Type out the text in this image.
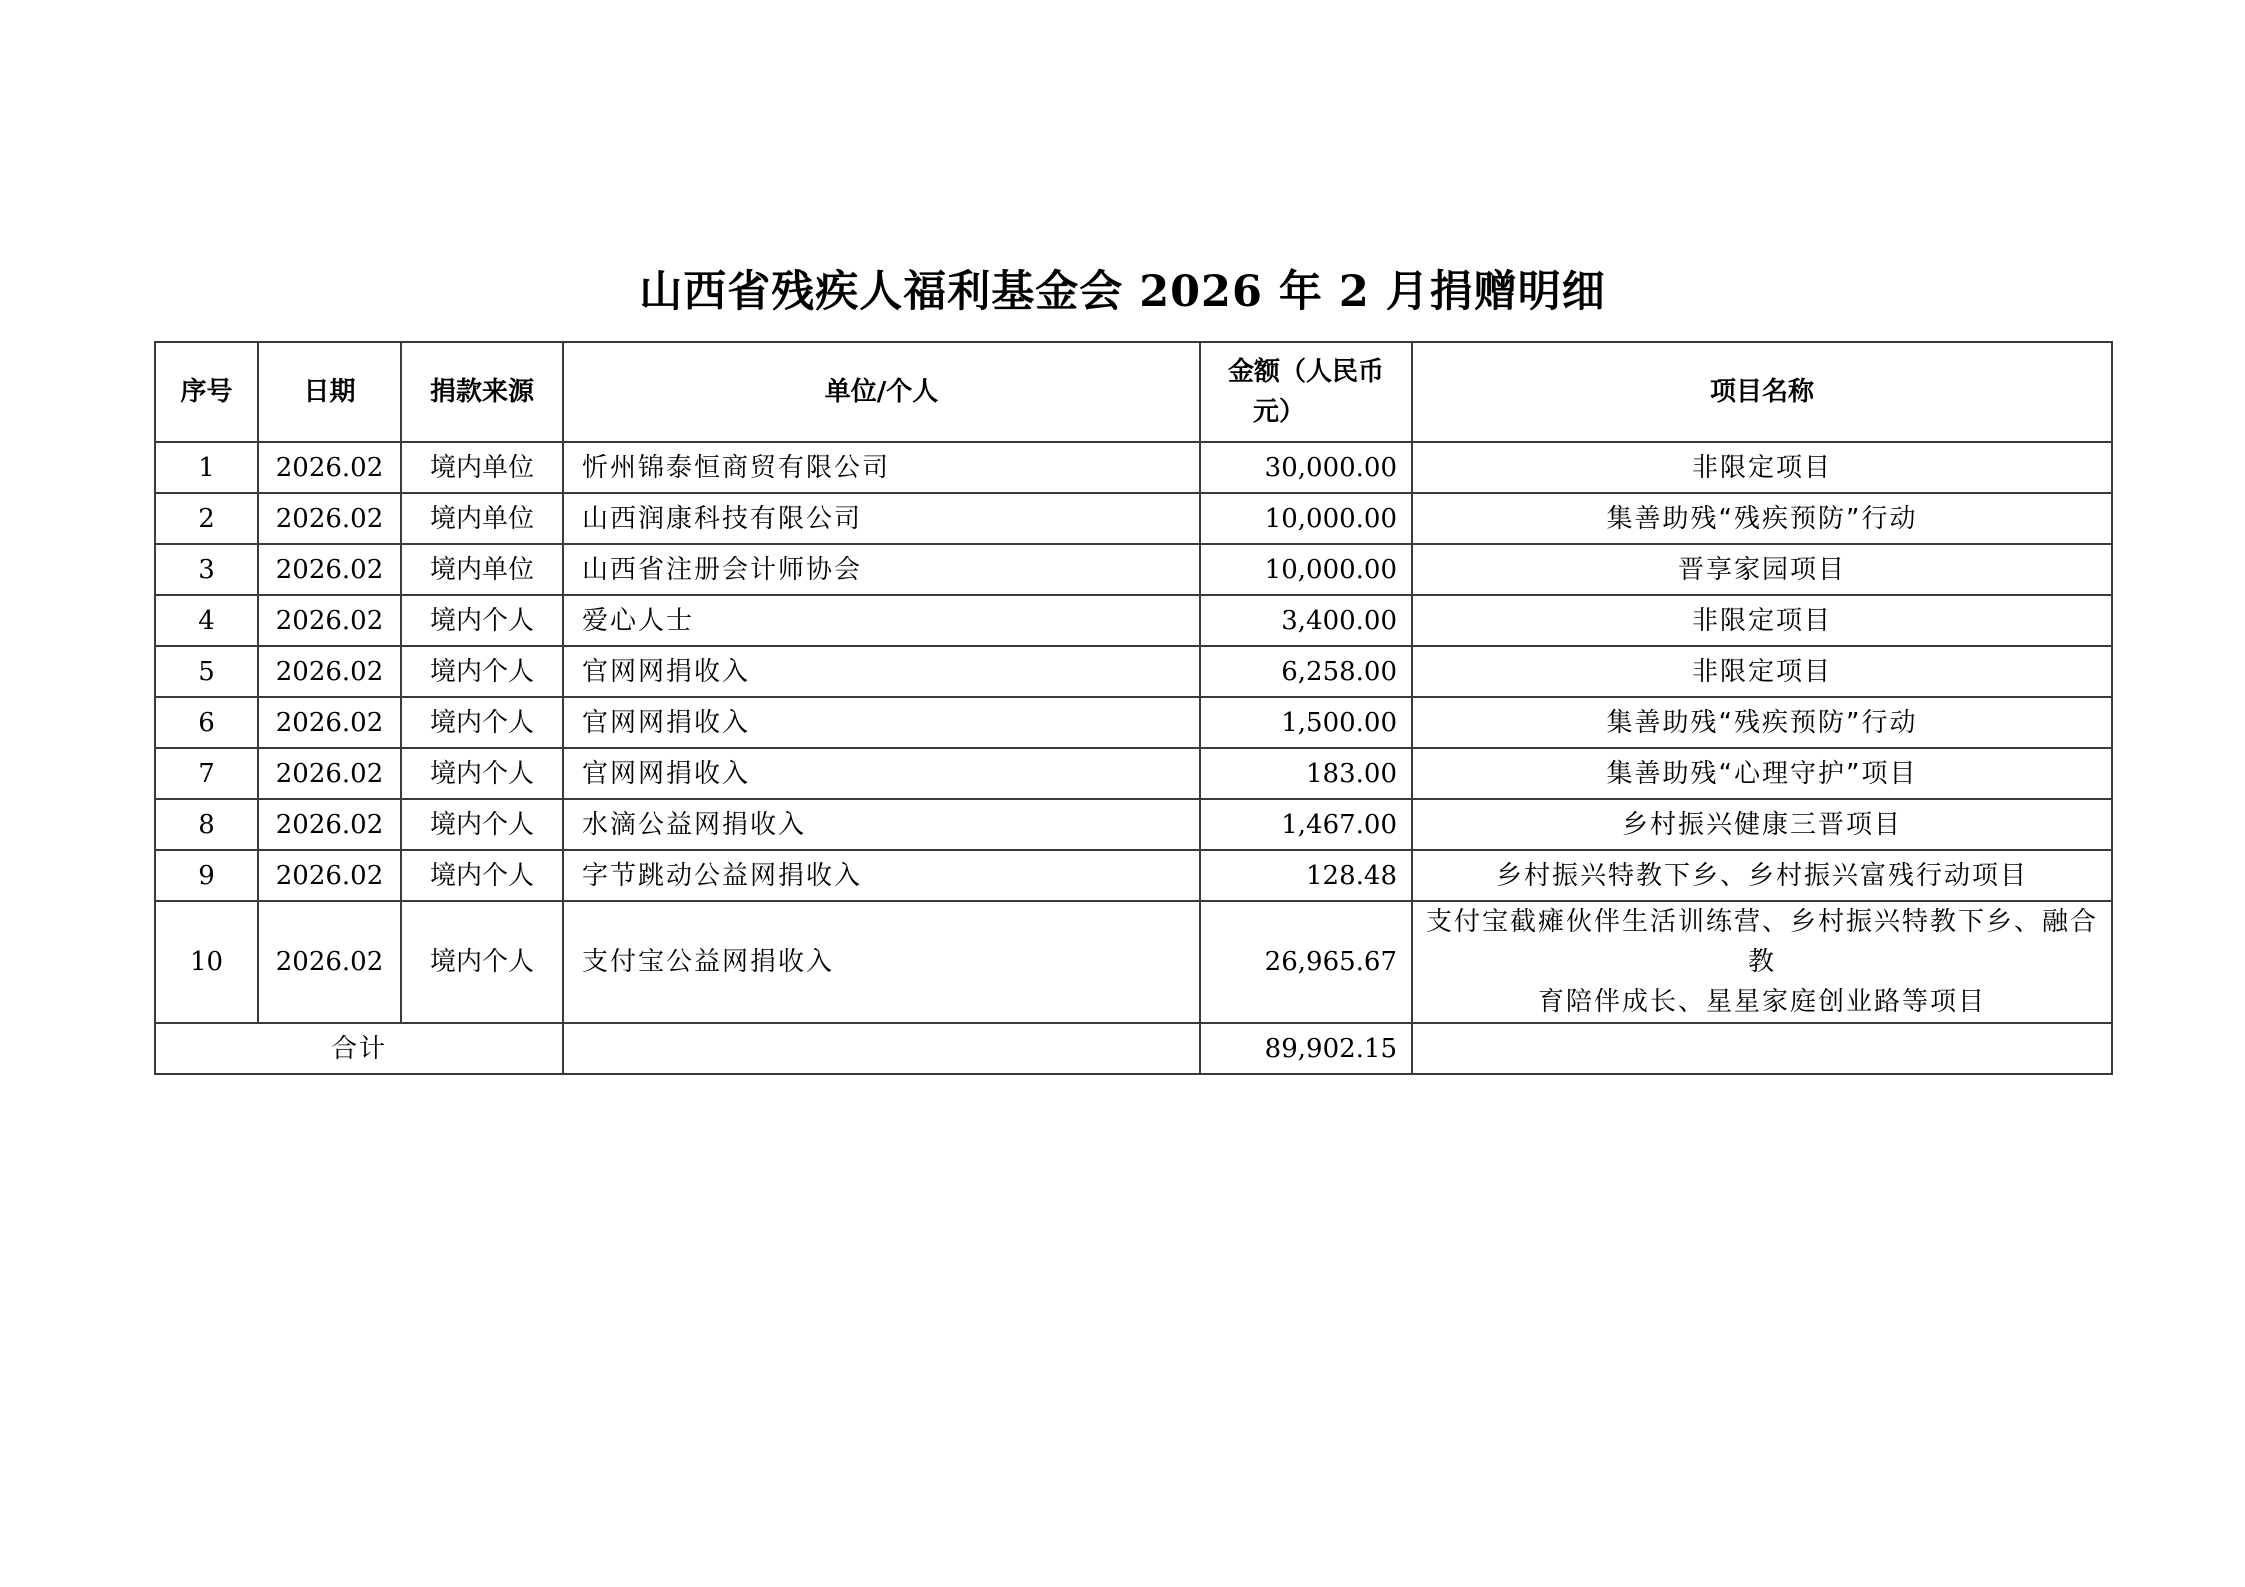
山西省残疾人福利基金会 2026 年 2 月捐赠明细
序号	日期	捐款来源	单位/个人	金额（人民币
元）	项目名称
1	2026.02	境内单位	忻州锦泰恒商贸有限公司	30,000.00	非限定项目
2	2026.02	境内单位	山西润康科技有限公司	10,000.00	集善助残“残疾预防”行动
3	2026.02	境内单位	山西省注册会计师协会	10,000.00	晋享家园项目
4	2026.02	境内个人	爱心人士	3,400.00	非限定项目
5	2026.02	境内个人	官网网捐收入	6,258.00	非限定项目
6	2026.02	境内个人	官网网捐收入	1,500.00	集善助残“残疾预防”行动
7	2026.02	境内个人	官网网捐收入	183.00	集善助残“心理守护”项目
8	2026.02	境内个人	水滴公益网捐收入	1,467.00	乡村振兴健康三晋项目
9	2026.02	境内个人	字节跳动公益网捐收入	128.48	乡村振兴特教下乡、乡村振兴富残行动项目
10	2026.02	境内个人	支付宝公益网捐收入	26,965.67	支付宝截瘫伙伴生活训练营、乡村振兴特教下乡、融合教
育陪伴成长、星星家庭创业路等项目

合计				89,902.15	
